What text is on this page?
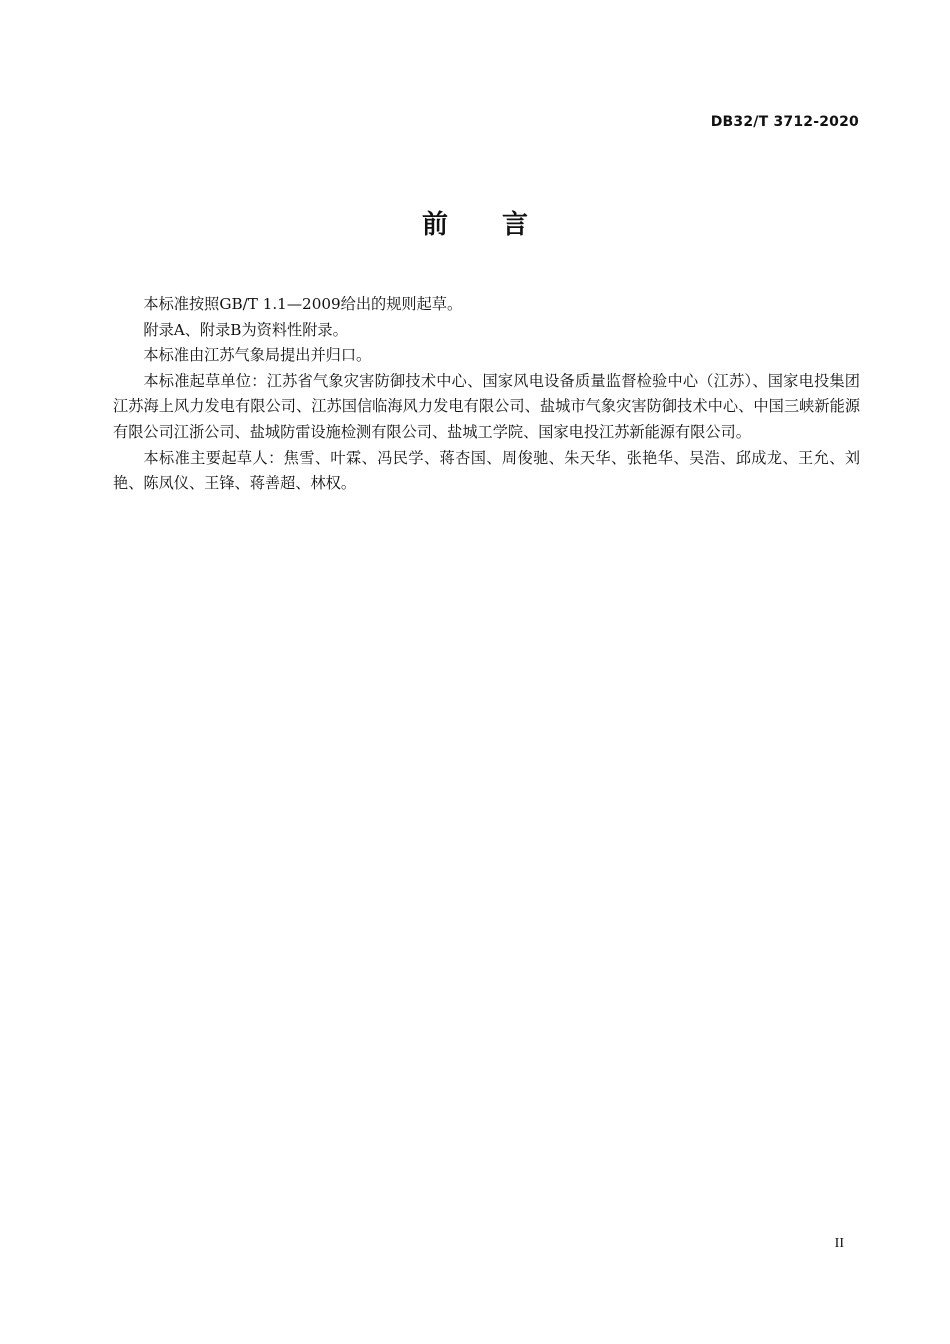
DB32/T 3712-2020
前 言

本标准按照GB/T 1.1—2009给出的规则起草。

附录A、附录B为资料性附录。

本标准由江苏气象局提出并归口。

本标准起草单位：江苏省气象灾害防御技术中心、国家风电设备质量监督检验中心（江苏）、国家电投集团江苏海上风力发电有限公司、江苏国信临海风力发电有限公司、盐城市气象灾害防御技术中心、中国三峡新能源有限公司江浙公司、盐城防雷设施检测有限公司、盐城工学院、国家电投江苏新能源有限公司。

本标准主要起草人：焦雪、叶霖、冯民学、蒋杏国、周俊驰、朱天华、张艳华、吴浩、邱成龙、王允、刘艳、陈凤仪、王锋、蒋善超、林权。

II
